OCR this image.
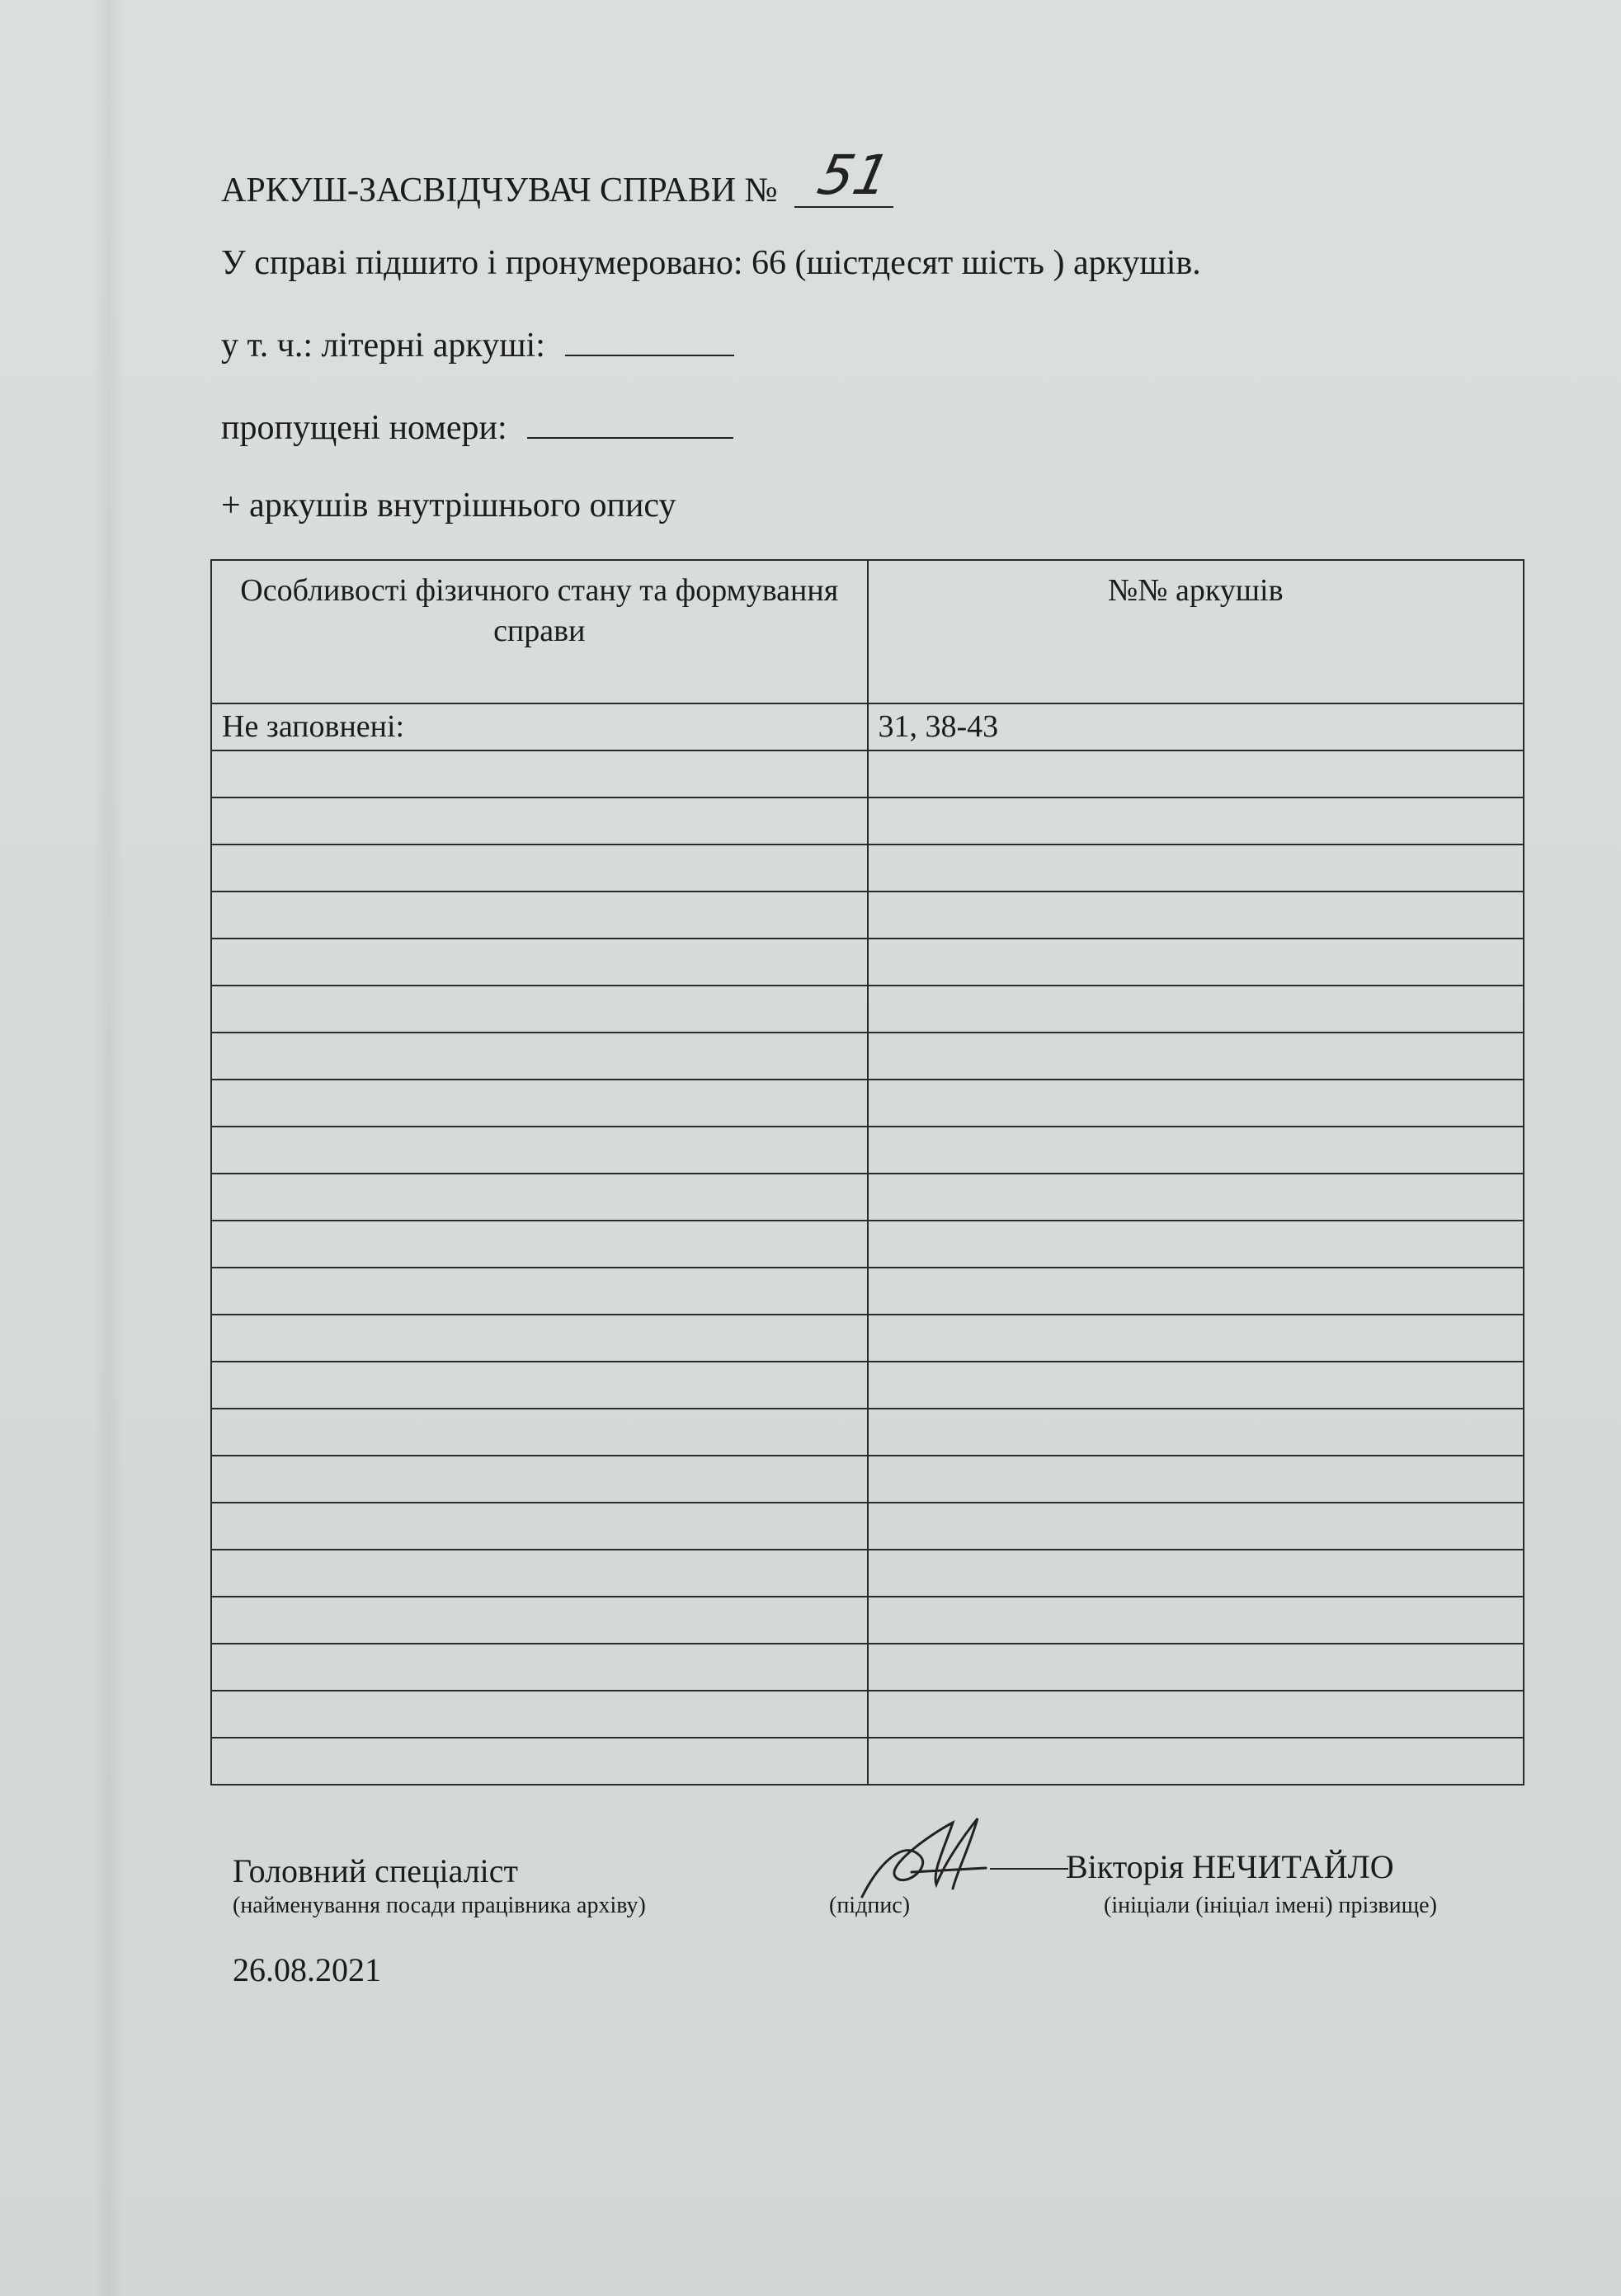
АРКУШ-ЗАСВІДЧУВАЧ СПРАВИ № 51
У справі підшито і пронумеровано: 66 (шістдесят шість ) аркушів.
у т. ч.: літерні аркуші:
пропущені номери:
+ аркушів внутрішнього опису
Особливості фізичного стану та формування справи	№№ аркушів
Не заповнені:	31, 38-43

Головний спеціаліст
(найменування посади працівника архіву)	(підпис)
Вікторія НЕЧИТАЙЛО
(ініціали (ініціал імені) прізвище)
26.08.2021
